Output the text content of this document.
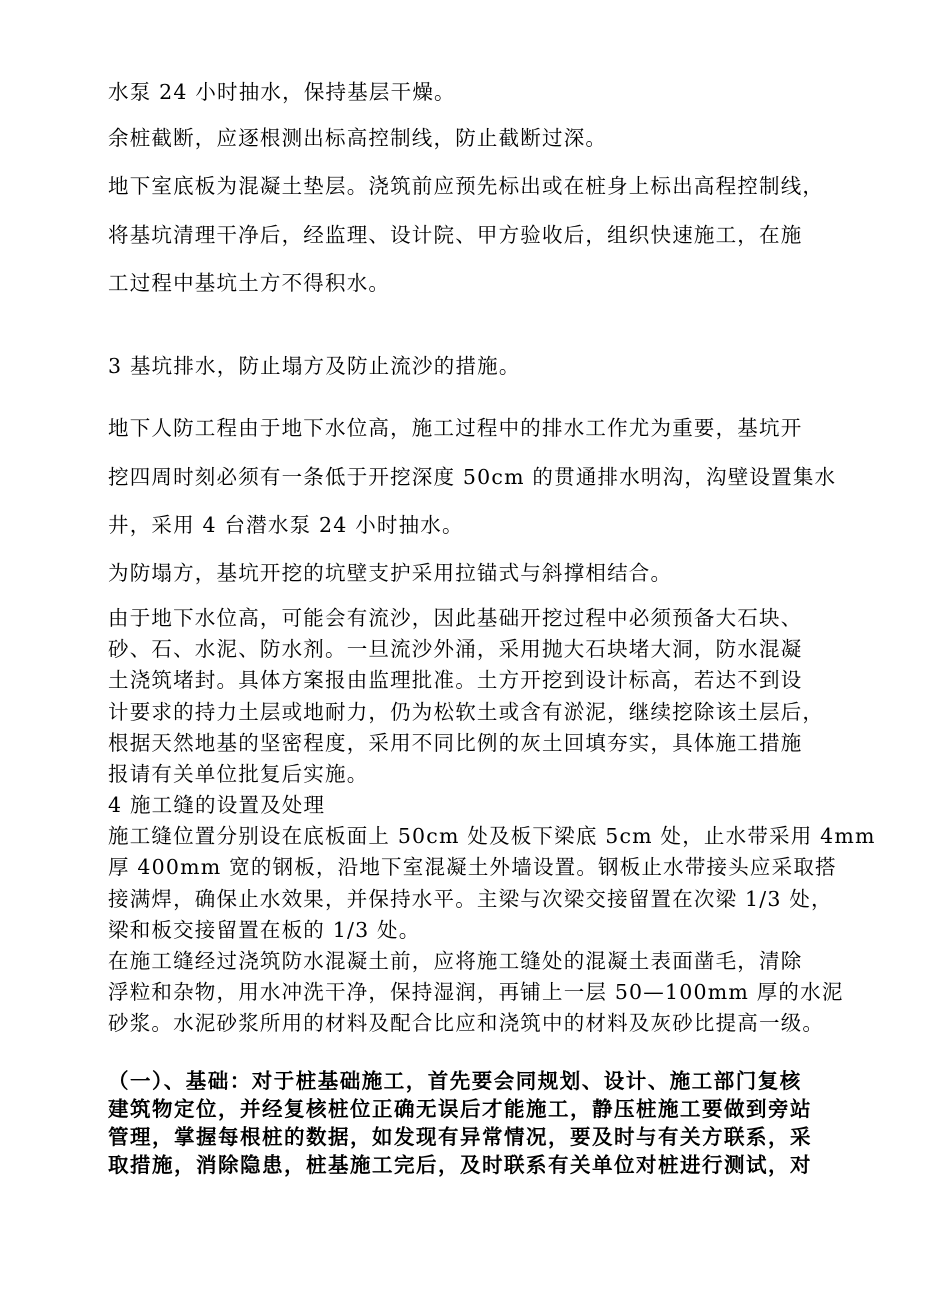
水泵 24 小时抽水，保持基层干燥。
余桩截断，应逐根测出标高控制线，防止截断过深。
地下室底板为混凝土垫层。浇筑前应预先标出或在桩身上标出高程控制线，
将基坑清理干净后，经监理、设计院、甲方验收后，组织快速施工，在施
工过程中基坑土方不得积水。
3 基坑排水，防止塌方及防止流沙的措施。
地下人防工程由于地下水位高，施工过程中的排水工作尤为重要，基坑开
挖四周时刻必须有一条低于开挖深度 50cm 的贯通排水明沟，沟壁设置集水
井，采用 4 台潜水泵 24 小时抽水。
为防塌方，基坑开挖的坑壁支护采用拉锚式与斜撑相结合。
由于地下水位高，可能会有流沙，因此基础开挖过程中必须预备大石块、
砂、石、水泥、防水剂。一旦流沙外涌，采用抛大石块堵大洞，防水混凝
土浇筑堵封。具体方案报由监理批准。土方开挖到设计标高，若达不到设
计要求的持力土层或地耐力，仍为松软土或含有淤泥，继续挖除该土层后，
根据天然地基的坚密程度，采用不同比例的灰土回填夯实，具体施工措施
报请有关单位批复后实施。
4 施工缝的设置及处理
施工缝位置分别设在底板面上 50cm 处及板下梁底 5cm 处，止水带采用 4mm
厚 400mm 宽的钢板，沿地下室混凝土外墙设置。钢板止水带接头应采取搭
接满焊，确保止水效果，并保持水平。主梁与次梁交接留置在次梁 1/3 处，
梁和板交接留置在板的 1/3 处。
在施工缝经过浇筑防水混凝土前，应将施工缝处的混凝土表面凿毛，清除
浮粒和杂物，用水冲洗干净，保持湿润，再铺上一层 50—100mm 厚的水泥
砂浆。水泥砂浆所用的材料及配合比应和浇筑中的材料及灰砂比提高一级。
（一）、基础：对于桩基础施工，首先要会同规划、设计、施工部门复核
建筑物定位，并经复核桩位正确无误后才能施工，静压桩施工要做到旁站
管理，掌握每根桩的数据，如发现有异常情况，要及时与有关方联系，采
取措施，消除隐患，桩基施工完后，及时联系有关单位对桩进行测试，对
